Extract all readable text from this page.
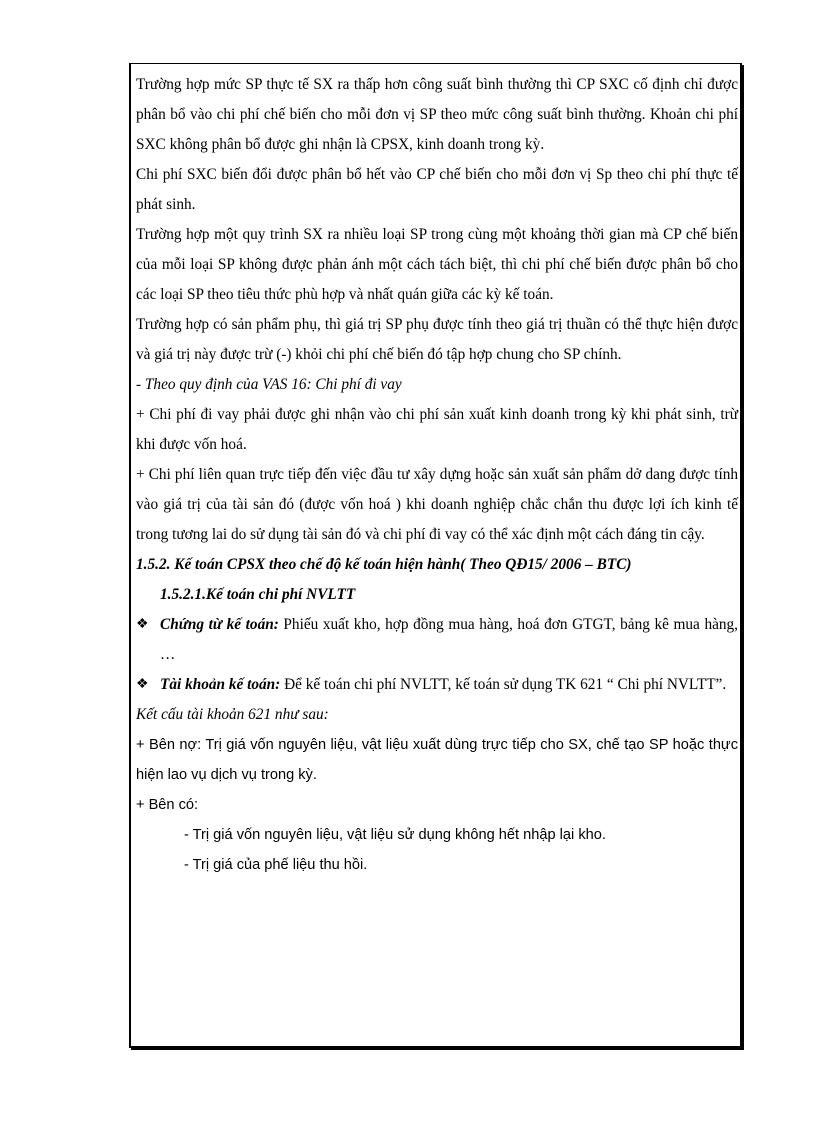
Trường hợp mức SP thực tế SX ra thấp hơn công suất bình thường thì CP SXC cố định chỉ được phân bổ vào chi phí chế biến cho mỗi đơn vị SP theo mức công suất bình thường. Khoản chi phí SXC không phân bổ được ghi nhận là CPSX, kinh doanh trong kỳ.

Chi phí SXC biến đổi được phân bổ hết vào CP chế biến cho mỗi đơn vị Sp theo chi phí thực tế phát sinh.

Trường hợp một quy trình SX ra nhiều loại SP trong cùng một khoảng thời gian mà CP chế biến của mỗi loại SP không được phản ánh một cách tách biệt, thì chi phí chế biến được phân bổ cho các loại SP theo tiêu thức phù hợp và nhất quán giữa các kỳ kế toán.

Trường hợp có sản phẩm phụ, thì giá trị SP phụ được tính theo giá trị thuần có thể thực hiện được và giá trị này được trừ (-) khỏi chi phí chế biến đó tập hợp chung cho SP chính.

- Theo quy định của VAS 16: Chi phí đi vay

+ Chi phí đi vay phải được ghi nhận vào chi phí sản xuất kinh doanh trong kỳ khi phát sinh, trừ khi được vốn hoá.

+ Chi phí liên quan trực tiếp đến việc đầu tư xây dựng hoặc sản xuất sản phẩm dở dang được tính vào giá trị của tài sản đó (được vốn hoá ) khi doanh nghiệp chắc chắn thu được lợi ích kinh tế trong tương lai do sử dụng tài sản đó và chi phí đi vay có thể xác định một cách đáng tin cậy.

1.5.2. Kế toán CPSX theo chế độ kế toán hiện hành( Theo QĐ15/ 2006 – BTC)

1.5.2.1.Kế toán chi phí NVLTT

❖ Chứng từ kế toán: Phiếu xuất kho, hợp đồng mua hàng, hoá đơn GTGT, bảng kê mua hàng, …

❖ Tài khoản kế toán: Để kế toán chi phí NVLTT, kế toán sử dụng TK 621 “ Chi phí NVLTT”.

Kết cấu tài khoản 621 như sau:

+ Bên nợ: Trị giá vốn nguyên liệu, vật liệu xuất dùng trực tiếp cho SX, chế tạo SP hoặc thực hiện lao vụ dịch vụ trong kỳ.

+ Bên có:

- Trị giá vốn nguyên liệu, vật liệu sử dụng không hết nhập lại kho.

- Trị giá của phế liệu thu hồi.
